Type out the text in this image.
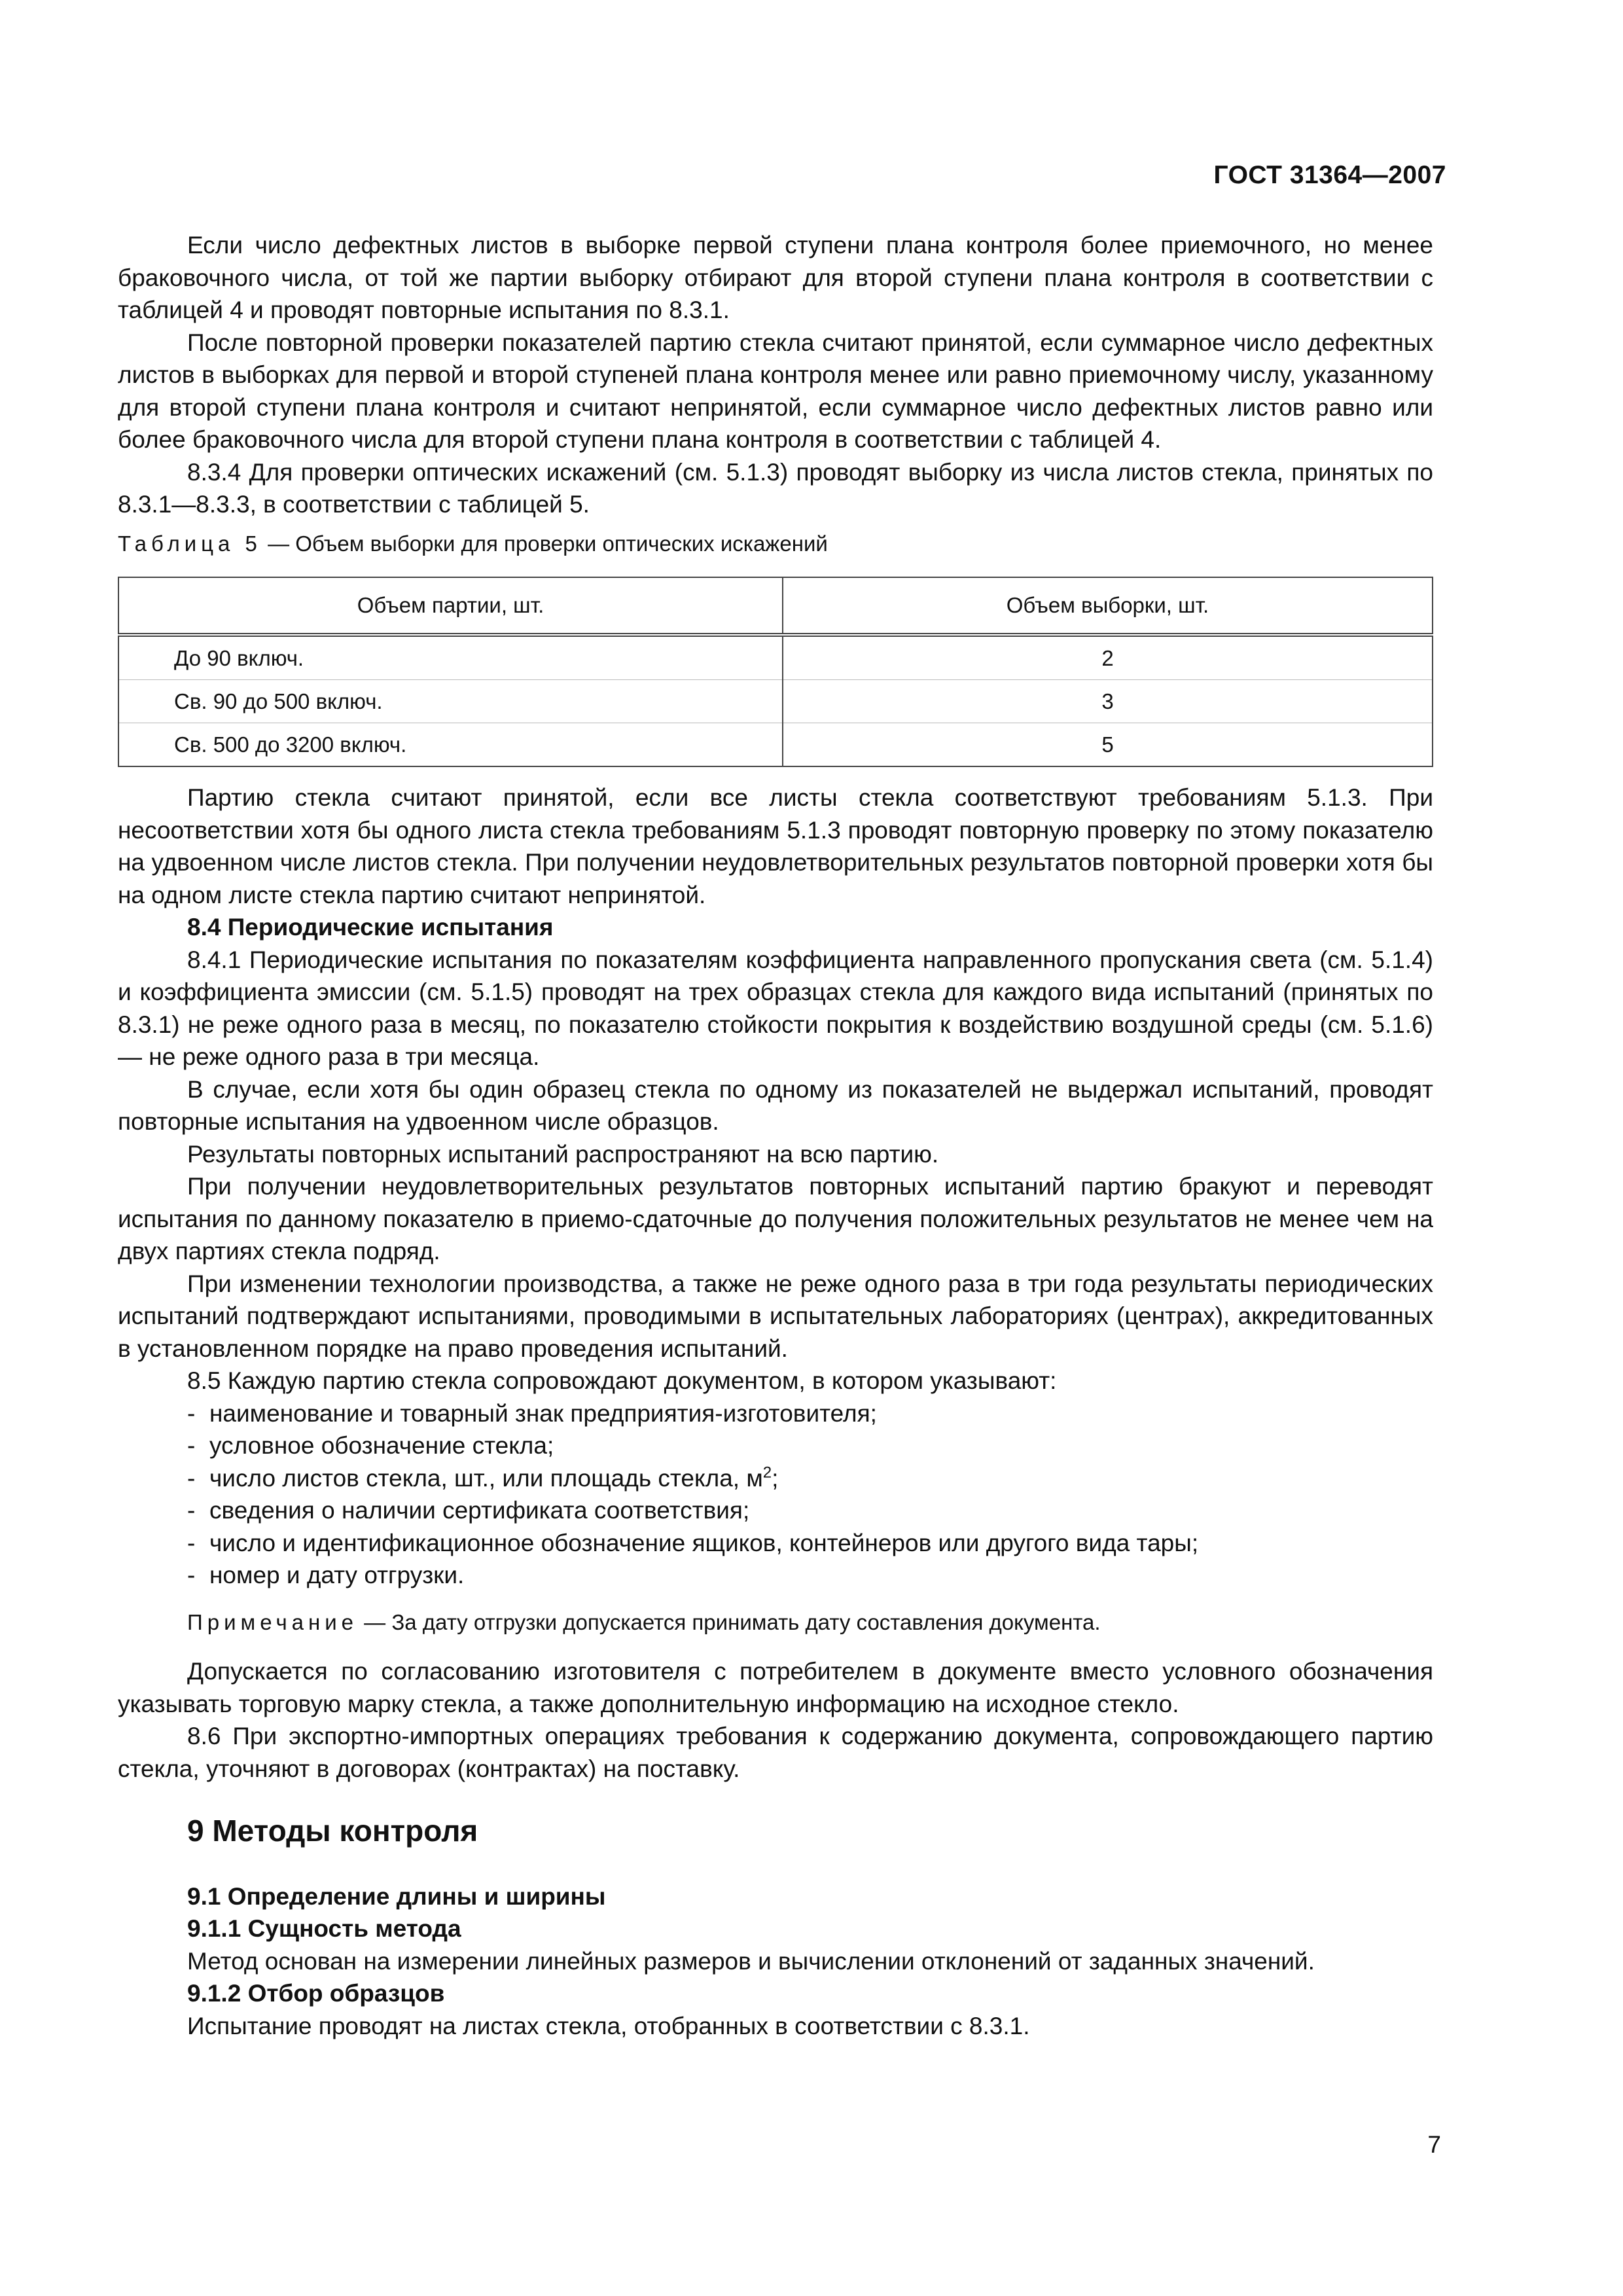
ГОСТ 31364—2007

Если число дефектных листов в выборке первой ступени плана контроля более приемочного, но менее браковочного числа, от той же партии выборку отбирают для второй ступени плана контроля в соответствии с таблицей 4 и проводят повторные испытания по 8.3.1.

После повторной проверки показателей партию стекла считают принятой, если суммарное число дефектных листов в выборках для первой и второй ступеней плана контроля менее или равно приемочному числу, указанному для второй ступени плана контроля и считают непринятой, если суммарное число дефектных листов равно или более браковочного числа для второй ступени плана контроля в соответствии с таблицей 4.

8.3.4 Для проверки оптических искажений (см. 5.1.3) проводят выборку из числа листов стекла, принятых по 8.3.1—8.3.3, в соответствии с таблицей 5.

Таблица 5 — Объем выборки для проверки оптических искажений
Объем партии, шт.	Объем выборки, шт.
До 90 включ.	2
Св. 90 до 500 включ.	3
Св. 500 до 3200 включ.	5

Партию стекла считают принятой, если все листы стекла соответствуют требованиям 5.1.3. При несоответствии хотя бы одного листа стекла требованиям 5.1.3 проводят повторную проверку по этому показателю на удвоенном числе листов стекла. При получении неудовлетворительных результатов повторной проверки хотя бы на одном листе стекла партию считают непринятой.

8.4 Периодические испытания

8.4.1 Периодические испытания по показателям коэффициента направленного пропускания света (см. 5.1.4) и коэффициента эмиссии (см. 5.1.5) проводят на трех образцах стекла для каждого вида испытаний (принятых по 8.3.1) не реже одного раза в месяц, по показателю стойкости покрытия к воздействию воздушной среды (см. 5.1.6) — не реже одного раза в три месяца.

В случае, если хотя бы один образец стекла по одному из показателей не выдержал испытаний, проводят повторные испытания на удвоенном числе образцов.

Результаты повторных испытаний распространяют на всю партию.

При получении неудовлетворительных результатов повторных испытаний партию бракуют и переводят испытания по данному показателю в приемо-сдаточные до получения положительных результатов не менее чем на двух партиях стекла подряд.

При изменении технологии производства, а также не реже одного раза в три года результаты периодических испытаний подтверждают испытаниями, проводимыми в испытательных лабораториях (центрах), аккредитованных в установленном порядке на право проведения испытаний.

8.5 Каждую партию стекла сопровождают документом, в котором указывают:

- наименование и товарный знак предприятия-изготовителя;

- условное обозначение стекла;

- число листов стекла, шт., или площадь стекла, $м^2$;

- сведения о наличии сертификата соответствия;

- число и идентификационное обозначение ящиков, контейнеров или другого вида тары;

- номер и дату отгрузки.

Примечание — За дату отгрузки допускается принимать дату составления документа.

Допускается по согласованию изготовителя с потребителем в документе вместо условного обозначения указывать торговую марку стекла, а также дополнительную информацию на исходное стекло.

8.6 При экспортно-импортных операциях требования к содержанию документа, сопровождающего партию стекла, уточняют в договорах (контрактах) на поставку.

9 Методы контроля

9.1 Определение длины и ширины

9.1.1 Сущность метода

Метод основан на измерении линейных размеров и вычислении отклонений от заданных значений.

9.1.2 Отбор образцов

Испытание проводят на листах стекла, отобранных в соответствии с 8.3.1.

7
